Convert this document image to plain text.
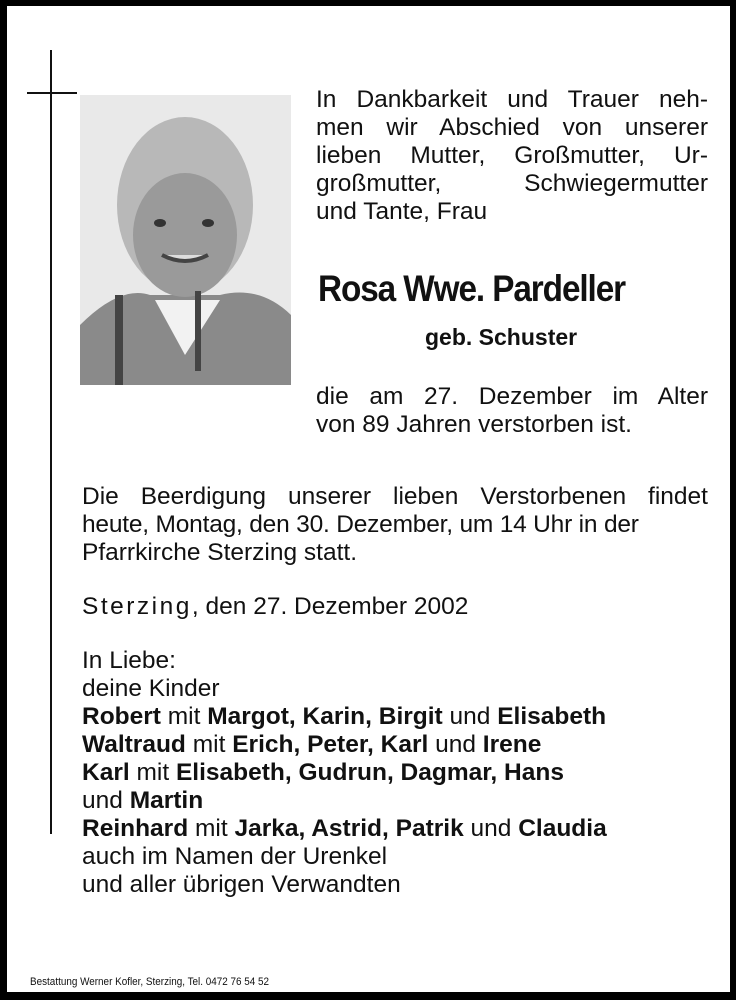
In Dankbarkeit und Trauer neh-
men wir Abschied von unserer
lieben Mutter, Großmutter, Ur-
großmutter, Schwiegermutter
und Tante, Frau
Rosa Wwe. Pardeller
geb. Schuster
die am 27. Dezember im Alter
von 89 Jahren verstorben ist.
Die Beerdigung unserer lieben Verstorbenen findet
heute, Montag, den 30. Dezember, um 14 Uhr in der
Pfarrkirche Sterzing statt.
Sterzing, den 27. Dezember 2002
In Liebe:
deine Kinder
Robert mit Margot, Karin, Birgit und Elisabeth
Waltraud mit Erich, Peter, Karl und Irene
Karl mit Elisabeth, Gudrun, Dagmar, Hans
und Martin
Reinhard mit Jarka, Astrid, Patrik und Claudia
auch im Namen der Urenkel
und aller übrigen Verwandten
Bestattung Werner Kofler, Sterzing, Tel. 0472 76 54 52
